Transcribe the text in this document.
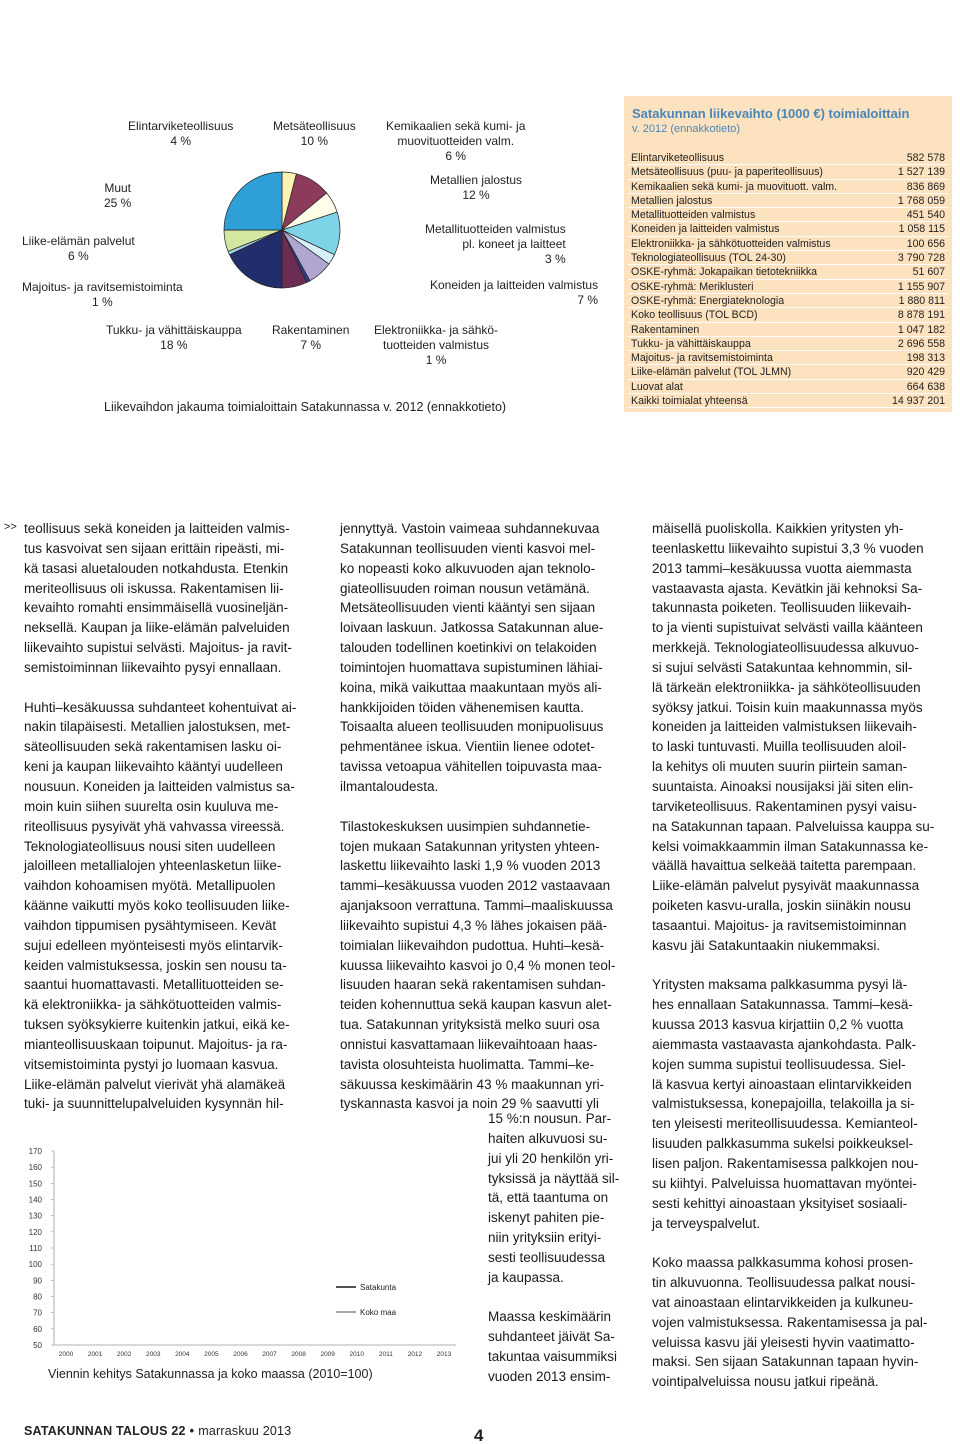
Elintarviketeollisuus
4 %
Metsäteollisuus
10 %
Kemikaalien sekä kumi- ja
muovituotteiden valm.
6 %
Metallien jalostus
12 %
Metallituotteiden valmistus
pl. koneet ja laitteet
3 %
Koneiden ja laitteiden valmistus
7 %
Elektroniikka- ja sähkö-
tuotteiden valmistus
1 %
Rakentaminen
7 %
Tukku- ja vähittäiskauppa
18 %
Majoitus- ja ravitsemistoiminta
1 %
Liike-elämän palvelut
6 %
Muut
25 %
Liikevaihdon jakauma toimialoittain Satakunnassa v. 2012 (ennakkotieto)
Satakunnan liikevaihto (1000 €) toimialoittain
v. 2012 (ennakkotieto)
Elintarviketeollisuus	582 578
Metsäteollisuus (puu- ja paperiteollisuus)	1 527 139
Kemikaalien sekä kumi- ja muovituott. valm.	836 869
Metallien jalostus	1 768 059
Metallituotteiden valmistus	451 540
Koneiden ja laitteiden valmistus	1 058 115
Elektroniikka- ja sähkötuotteiden valmistus	100 656
Teknologiateollisuus (TOL 24-30)	3 790 728
OSKE-ryhmä: Jokapaikan tietotekniikka	51 607
OSKE-ryhmä: Meriklusteri	1 155 907
OSKE-ryhmä: Energiateknologia	1 880 811
Koko teollisuus (TOL BCD)	8 878 191
Rakentaminen	1 047 182
Tukku- ja vähittäiskauppa	2 696 558
Majoitus- ja ravitsemistoiminta	198 313
Liike-elämän palvelut (TOL JLMN)	920 429
Luovat alat	664 638
Kaikki toimialat yhteensä	14 937 201
>> teollisuus sekä koneiden ja laitteiden valmis-
tus kasvoivat sen sijaan erittäin ripeästi, mi-
kä tasasi aluetalouden notkahdusta. Etenkin
meriteollisuus oli iskussa. Rakentamisen lii-
kevaihto romahti ensimmäisellä vuosineljän-
neksellä. Kaupan ja liike-elämän palveluiden
liikevaihto supistui selvästi. Majoitus- ja ravit-
semistoiminnan liikevaihto pysyi ennallaan.

Huhti–kesäkuussa suhdanteet kohentuivat ai-
nakin tilapäisesti. Metallien jalostuksen, met-
säteollisuuden sekä rakentamisen lasku oi-
keni ja kaupan liikevaihto kääntyi uudelleen
nousuun. Koneiden ja laitteiden valmistus sa-
moin kuin siihen suurelta osin kuuluva me-
riteollisuus pysyivät yhä vahvassa vireessä.
Teknologiateollisuus nousi siten uudelleen
jaloilleen metallialojen yhteenlasketun liike-
vaihdon kohoamisen myötä. Metallipuolen
käänne vaikutti myös koko teollisuuden liike-
vaihdon tippumisen pysähtymiseen. Kevät
sujui edelleen myönteisesti myös elintarvik-
keiden valmistuksessa, joskin sen nousu ta-
saantui huomattavasti. Metallituotteiden se-
kä elektroniikka- ja sähkötuotteiden valmis-
tuksen syöksykierre kuitenkin jatkui, eikä ke-
mianteollisuuskaan toipunut. Majoitus- ja ra-
vitsemistoiminta pystyi jo luomaan kasvua.
Liike-elämän palvelut vierivät yhä alamäkeä
tuki- ja suunnittelupalveluiden kysynnän hil-

jennyttyä. Vastoin vaimeaa suhdannekuvaa
Satakunnan teollisuuden vienti kasvoi mel-
ko nopeasti koko alkuvuoden ajan teknolo-
giateollisuuden roiman nousun vetämänä.
Metsäteollisuuden vienti kääntyi sen sijaan
loivaan laskuun. Jatkossa Satakunnan alue-
talouden todellinen koetinkivi on telakoiden
toimintojen huomattava supistuminen lähiai-
koina, mikä vaikuttaa maakuntaan myös ali-
hankkijoiden töiden vähenemisen kautta.
Toisaalta alueen teollisuuden monipuolisuus
pehmentänee iskua. Vientiin lienee odotet-
tavissa vetoapua vähitellen toipuvasta maa-
ilmantaloudesta.

Tilastokeskuksen uusimpien suhdannetie-
tojen mukaan Satakunnan yritysten yhteen-
laskettu liikevaihto laski 1,9 % vuoden 2013
tammi–kesäkuussa vuoden 2012 vastaavaan
ajanjaksoon verrattuna. Tammi–maaliskuussa
liikevaihto supistui 4,3 % lähes jokaisen pää-
toimialan liikevaihdon pudottua. Huhti–kesä-
kuussa liikevaihto kasvoi jo 0,4 % monen teol-
lisuuden haaran sekä rakentamisen suhdan-
teiden kohennuttua sekä kaupan kasvun alet-
tua. Satakunnan yrityksistä melko suuri osa
onnistui kasvattamaan liikevaihtoaan haas-
tavista olosuhteista huolimatta. Tammi–ke-
säkuussa keskimäärin 43 % maakunnan yri-
tyskannasta kasvoi ja noin 29 % saavutti yli

15 %:n nousun. Par-
haiten alkuvuosi su-
jui yli 20 henkilön yri-
tyksissä ja näyttää sil-
tä, että taantuma on
iskenyt pahiten pie-
niin yrityksiin erityi-
sesti teollisuudessa
ja kaupassa.

Maassa keskimäärin
suhdanteet jäivät Sa-
takuntaa vaisummiksi
vuoden 2013 ensim-

mäisellä puoliskolla. Kaikkien yritysten yh-
teenlaskettu liikevaihto supistui 3,3 % vuoden
2013 tammi–kesäkuussa vuotta aiemmasta
vastaavasta ajasta. Kevätkin jäi kehnoksi Sa-
takunnasta poiketen. Teollisuuden liikevaih-
to ja vienti supistuivat selvästi vailla käänteen
merkkejä. Teknologiateollisuudessa alkuvuo-
si sujui selvästi Satakuntaa kehnommin, sil-
lä tärkeän elektroniikka- ja sähköteollisuuden
syöksy jatkui. Toisin kuin maakunnassa myös
koneiden ja laitteiden valmistuksen liikevaih-
to laski tuntuvasti. Muilla teollisuuden aloil-
la kehitys oli muuten suurin piirtein saman-
suuntaista. Ainoaksi nousijaksi jäi siten elin-
tarviketeollisuus. Rakentaminen pysyi vaisu-
na Satakunnan tapaan. Palveluissa kauppa su-
kelsi voimakkaammin ilman Satakunnassa ke-
väällä havaittua selkeää taitetta parempaan.
Liike-elämän palvelut pysyivät maakunnassa
poiketen kasvu-uralla, joskin siinäkin nousu
tasaantui. Majoitus- ja ravitsemistoiminnan
kasvu jäi Satakuntaakin niukemmaksi.

Yritysten maksama palkkasumma pysyi lä-
hes ennallaan Satakunnassa. Tammi–kesä-
kuussa 2013 kasvua kirjattiin 0,2 % vuotta
aiemmasta vastaavasta ajankohdasta. Palk-
kojen summa supistui teollisuudessa. Siel-
lä kasvua kertyi ainoastaan elintarvikkeiden
valmistuksessa, konepajoilla, telakoilla ja si-
ten yleisesti meriteollisuudessa. Kemianteol-
lisuuden palkkasumma sukelsi poikkeuksel-
lisen paljon. Rakentamisessa palkkojen nou-
su kiihtyi. Palveluissa huomattavan myöntei-
sesti kehittyi ainoastaan yksityiset sosiaali-
ja terveyspalvelut.

Koko maassa palkkasumma kohosi prosen-
tin alkuvuonna. Teollisuudessa palkat nousi-
vat ainoastaan elintarvikkeiden ja kulkuneu-
vojen valmistuksessa. Rakentamisessa ja pal-
veluissa kasvu jäi yleisesti hyvin vaatimatto-
maksi. Sen sijaan Satakunnan tapaan hyvin-
vointipalveluissa nousu jatkui ripeänä.

170
160
150
140
130
120
110
100
90
80
70
60
50
2000 2001 2002 2003 2004 2005 2006 2007 2008 2009 2010 2011 2012 2013
Satakunta
Koko maa
Viennin kehitys Satakunnassa ja koko maassa (2010=100)
SATAKUNNAN TALOUS 22 • marraskuu 2013	4
